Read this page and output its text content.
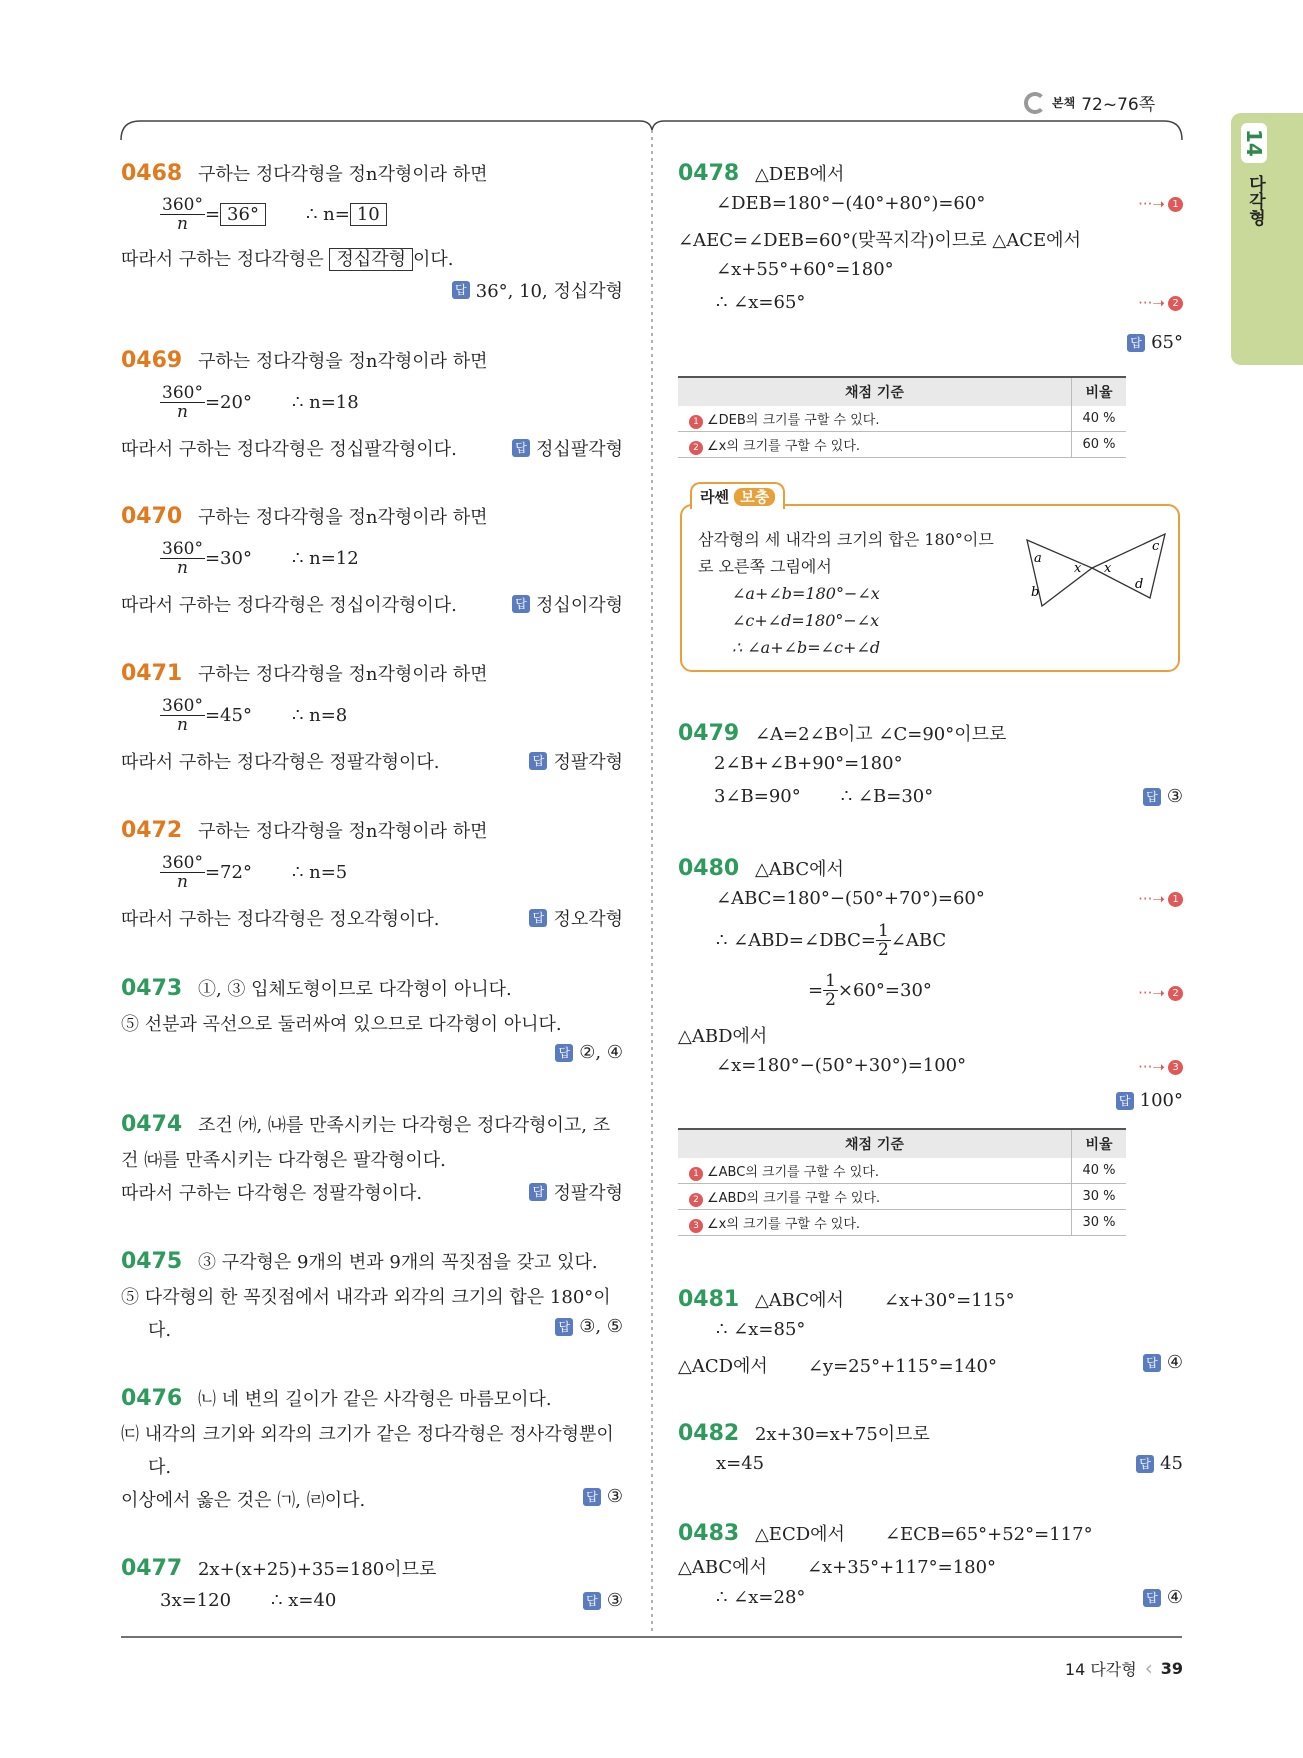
본책 72~76쪽
14
다각형
0468 구하는 정다각형을 정n각형이라 하면
$\frac{360^\circ}{n} = 36^\circ$	∴ n= 10
따라서 구하는 정다각형은 정십각형 이다.
답 36°, 10, 정십각형
0469 구하는 정다각형을 정n각형이라 하면
$\frac{360^\circ}{n} =20^\circ$ ∴ n=18
따라서 구하는 정다각형은 정십팔각형이다.	답 정십팔각형
0470 구하는 정다각형을 정n각형이라 하면
$\frac{360^\circ}{n} =30^\circ$ ∴ n=12
따라서 구하는 정다각형은 정십이각형이다.	답 정십이각형
0471 구하는 정다각형을 정n각형이라 하면
$\frac{360^\circ}{n} =45^\circ$ ∴ n=8
따라서 구하는 정다각형은 정팔각형이다.	답 정팔각형
0472 구하는 정다각형을 정n각형이라 하면
$\frac{360^\circ}{n} =72^\circ$ ∴ n=5
따라서 구하는 정다각형은 정오각형이다.	답 정오각형
0473 ①, ③ 입체도형이므로 다각형이 아니다.
⑤ 선분과 곡선으로 둘러싸여 있으므로 다각형이 아니다.
답 ②, ④
0474 조건 ㈎, ㈏를 만족시키는 다각형은 정다각형이고, 조
건 ㈐를 만족시키는 다각형은 팔각형이다.
따라서 구하는 다각형은 정팔각형이다.	답 정팔각형
0475 ③ 구각형은 9개의 변과 9개의 꼭짓점을 갖고 있다.
⑤ 다각형의 한 꼭짓점에서 내각과 외각의 크기의 합은 180°이
다.	답 ③, ⑤
0476 ㈁ 네 변의 길이가 같은 사각형은 마름모이다.
㈂ 내각의 크기와 외각의 크기가 같은 정다각형은 정사각형뿐이
다.
이상에서 옳은 것은 ㈀, ㈃이다.	답 ③
0477 2x+(x+25)+35=180이므로
3x=120 ∴ x=40	답 ③
0478 △DEB에서
∠DEB=180°−(40°+80°)=60°	···➝ 1
∠AEC=∠DEB=60°(맞꼭지각)이므로 △ACE에서
∠x+55°+60°=180°
∴ ∠x=65°	···➝ 2
답 65°
채점 기준	비율
1 ∠DEB의 크기를 구할 수 있다.	40 %
2 ∠x의 크기를 구할 수 있다.	60 %
라쎈 보충
삼각형의 세 내각의 크기의 합은 180°이므
로 오른쪽 그림에서
∠a+∠b=180°−∠x
∠c+∠d=180°−∠x
∴ ∠a+∠b=∠c+∠d
a
b
c
d
x x
0479 ∠A=2∠B이고 ∠C=90°이므로
2∠B+∠B+90°=180°
3∠B=90° ∴ ∠B=30°	답 ③
0480 △ABC에서
∠ABC=180°−(50°+70°)=60°	···➝ 1
∴ ∠ABD=∠DBC= $\frac{1}{2}$ ∠ABC
= $\frac{1}{2} \times 60^\circ=30^\circ$	···➝ 2
△ABD에서
∠x=180°−(50°+30°)=100°	···➝ 3
답 100°
채점 기준	비율
1 ∠ABC의 크기를 구할 수 있다.	40 %
2 ∠ABD의 크기를 구할 수 있다.	30 %
3 ∠x의 크기를 구할 수 있다.	30 %
0481 △ABC에서 ∠x+30°=115°
∴ ∠x=85°
△ACD에서 ∠y=25°+115°=140°	답 ④
0482 2x+30=x+75이므로
x=45	답 45
0483 △ECD에서 ∠ECB=65°+52°=117°
△ABC에서 ∠x+35°+117°=180°
∴ ∠x=28°	답 ④
14 다각형 ‹ 39
